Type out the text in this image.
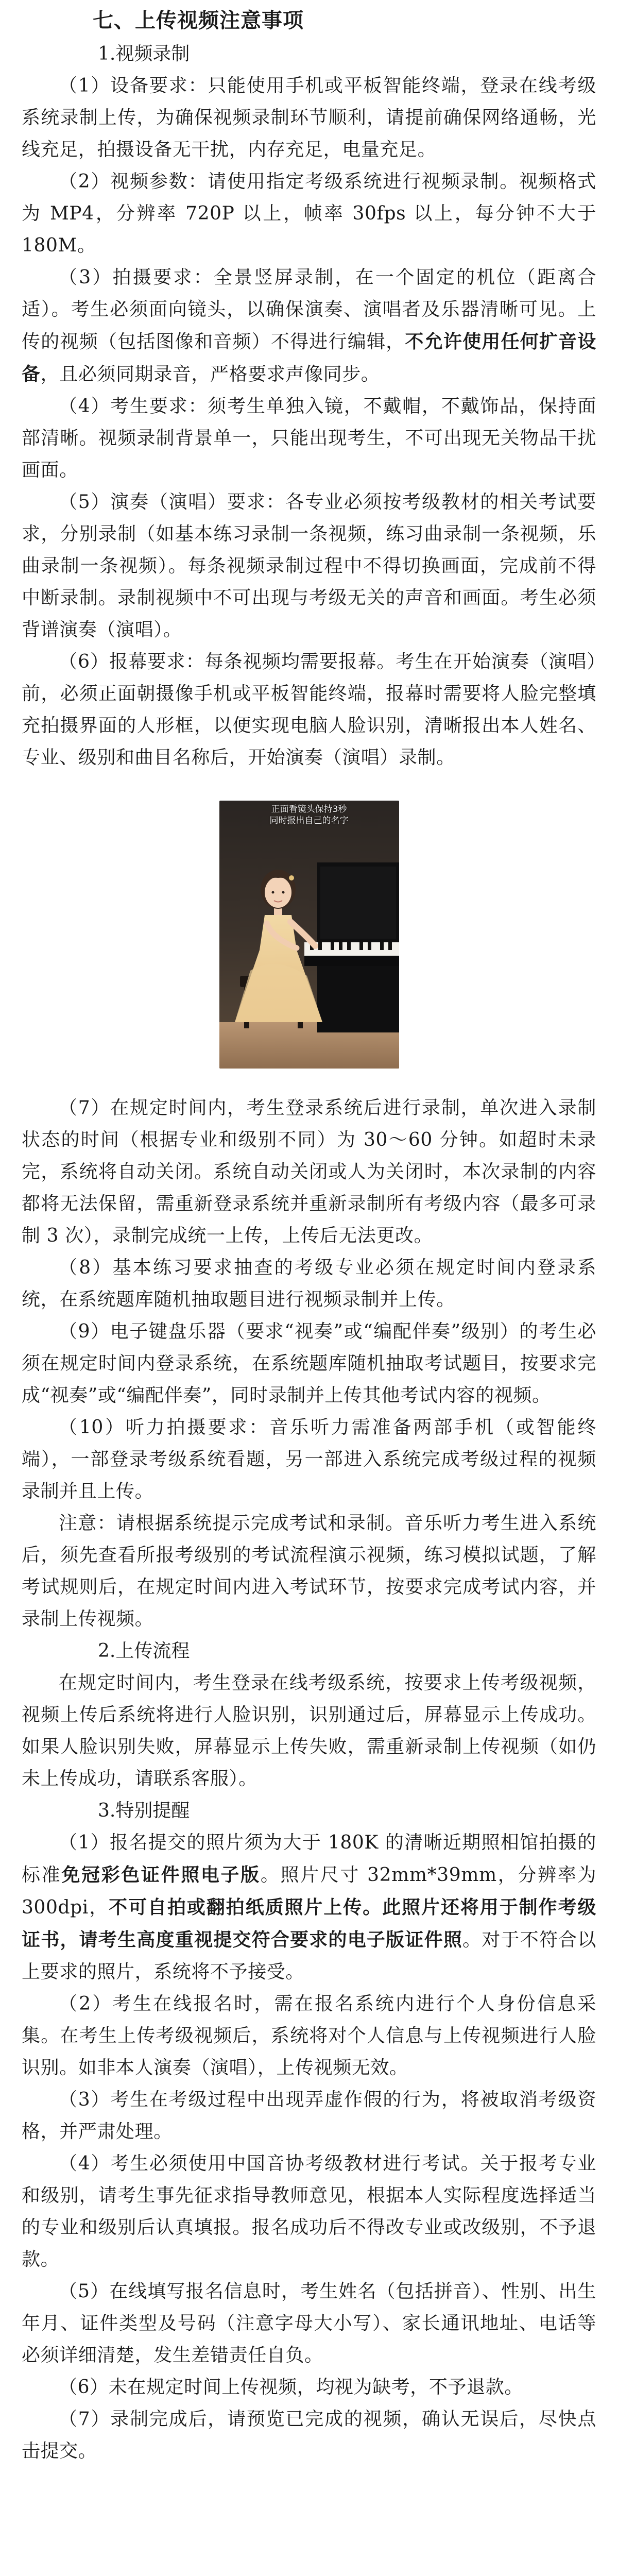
七、上传视频注意事项
1.视频录制

（1）设备要求：只能使用手机或平板智能终端，登录在线考级系统录制上传，为确保视频录制环节顺利，请提前确保网络通畅，光线充足，拍摄设备无干扰，内存充足，电量充足。

（2）视频参数：请使用指定考级系统进行视频录制。视频格式为 MP4，分辨率 720P 以上，帧率 30fps 以上，每分钟不大于 180M。

（3）拍摄要求：全景竖屏录制，在一个固定的机位（距离合适）。考生必须面向镜头，以确保演奏、演唱者及乐器清晰可见。上传的视频（包括图像和音频）不得进行编辑，不允许使用任何扩音设备，且必须同期录音，严格要求声像同步。

（4）考生要求：须考生单独入镜，不戴帽，不戴饰品，保持面部清晰。视频录制背景单一，只能出现考生，不可出现无关物品干扰画面。

（5）演奏（演唱）要求：各专业必须按考级教材的相关考试要求，分别录制（如基本练习录制一条视频，练习曲录制一条视频，乐曲录制一条视频）。每条视频录制过程中不得切换画面，完成前不得中断录制。录制视频中不可出现与考级无关的声音和画面。考生必须背谱演奏（演唱）。

（6）报幕要求：每条视频均需要报幕。考生在开始演奏（演唱）前，必须正面朝摄像手机或平板智能终端，报幕时需要将人脸完整填充拍摄界面的人形框，以便实现电脑人脸识别，清晰报出本人姓名、专业、级别和曲目名称后，开始演奏（演唱）录制。

正面看镜头保持3秒
同时报出自己的名字

（7）在规定时间内，考生登录系统后进行录制，单次进入录制状态的时间（根据专业和级别不同）为 30～60 分钟。如超时未录完，系统将自动关闭。系统自动关闭或人为关闭时，本次录制的内容都将无法保留，需重新登录系统并重新录制所有考级内容（最多可录制 3 次），录制完成统一上传，上传后无法更改。

（8）基本练习要求抽查的考级专业必须在规定时间内登录系统，在系统题库随机抽取题目进行视频录制并上传。

（9）电子键盘乐器（要求“视奏”或“编配伴奏”级别）的考生必须在规定时间内登录系统，在系统题库随机抽取考试题目，按要求完成“视奏”或“编配伴奏”，同时录制并上传其他考试内容的视频。

（10）听力拍摄要求：音乐听力需准备两部手机（或智能终端），一部登录考级系统看题，另一部进入系统完成考级过程的视频录制并且上传。

注意：请根据系统提示完成考试和录制。音乐听力考生进入系统后，须先查看所报考级别的考试流程演示视频，练习模拟试题，了解考试规则后，在规定时间内进入考试环节，按要求完成考试内容，并录制上传视频。

2.上传流程

在规定时间内，考生登录在线考级系统，按要求上传考级视频，视频上传后系统将进行人脸识别，识别通过后，屏幕显示上传成功。如果人脸识别失败，屏幕显示上传失败，需重新录制上传视频（如仍未上传成功，请联系客服）。

3.特别提醒

（1）报名提交的照片须为大于 180K 的清晰近期照相馆拍摄的标准免冠彩色证件照电子版。照片尺寸 32mm*39mm，分辨率为 300dpi，不可自拍或翻拍纸质照片上传。此照片还将用于制作考级证书，请考生高度重视提交符合要求的电子版证件照。对于不符合以上要求的照片，系统将不予接受。

（2）考生在线报名时，需在报名系统内进行个人身份信息采集。在考生上传考级视频后，系统将对个人信息与上传视频进行人脸识别。如非本人演奏（演唱），上传视频无效。

（3）考生在考级过程中出现弄虚作假的行为，将被取消考级资格，并严肃处理。

（4）考生必须使用中国音协考级教材进行考试。关于报考专业和级别，请考生事先征求指导教师意见，根据本人实际程度选择适当的专业和级别后认真填报。报名成功后不得改专业或改级别，不予退款。

（5）在线填写报名信息时，考生姓名（包括拼音）、性别、出生年月、证件类型及号码（注意字母大小写）、家长通讯地址、电话等必须详细清楚，发生差错责任自负。

（6）未在规定时间上传视频，均视为缺考，不予退款。

（7）录制完成后，请预览已完成的视频，确认无误后，尽快点击提交。
